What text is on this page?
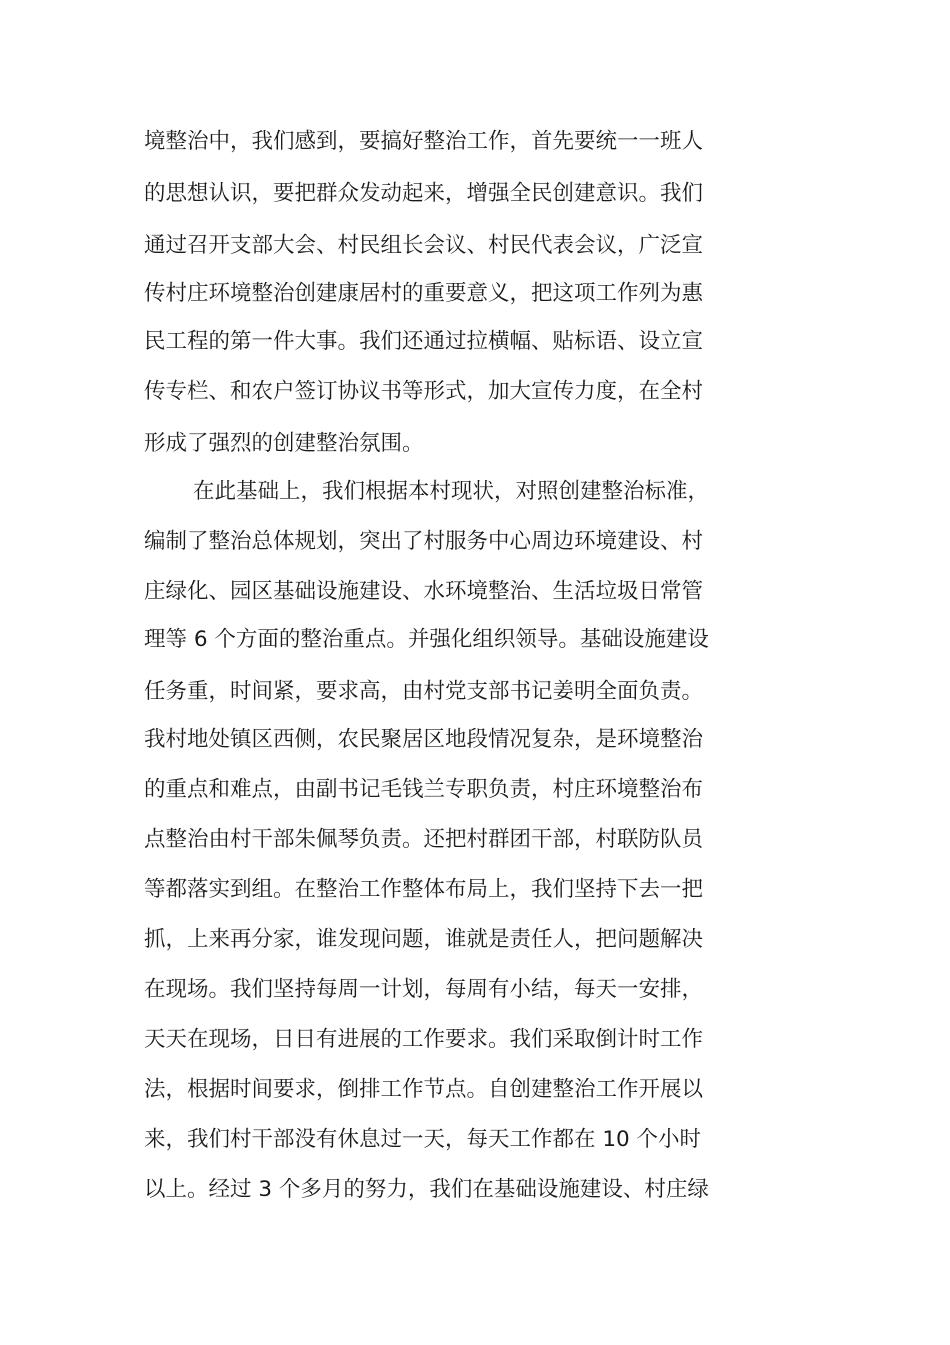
境整治中，我们感到，要搞好整治工作，首先要统一一班人
的思想认识，要把群众发动起来，增强全民创建意识。我们
通过召开支部大会、村民组长会议、村民代表会议，广泛宣
传村庄环境整治创建康居村的重要意义，把这项工作列为惠
民工程的第一件大事。我们还通过拉横幅、贴标语、设立宣
传专栏、和农户签订协议书等形式，加大宣传力度，在全村
形成了强烈的创建整治氛围。
在此基础上，我们根据本村现状，对照创建整治标准，
编制了整治总体规划，突出了村服务中心周边环境建设、村
庄绿化、园区基础设施建设、水环境整治、生活垃圾日常管
理等 6 个方面的整治重点。并强化组织领导。基础设施建设
任务重，时间紧，要求高，由村党支部书记姜明全面负责。
我村地处镇区西侧，农民聚居区地段情况复杂，是环境整治
的重点和难点，由副书记毛钱兰专职负责，村庄环境整治布
点整治由村干部朱佩琴负责。还把村群团干部，村联防队员
等都落实到组。在整治工作整体布局上，我们坚持下去一把
抓，上来再分家，谁发现问题，谁就是责任人，把问题解决
在现场。我们坚持每周一计划，每周有小结，每天一安排，
天天在现场，日日有进展的工作要求。我们采取倒计时工作
法，根据时间要求，倒排工作节点。自创建整治工作开展以
来，我们村干部没有休息过一天，每天工作都在 10 个小时
以上。经过 3 个多月的努力，我们在基础设施建设、村庄绿
